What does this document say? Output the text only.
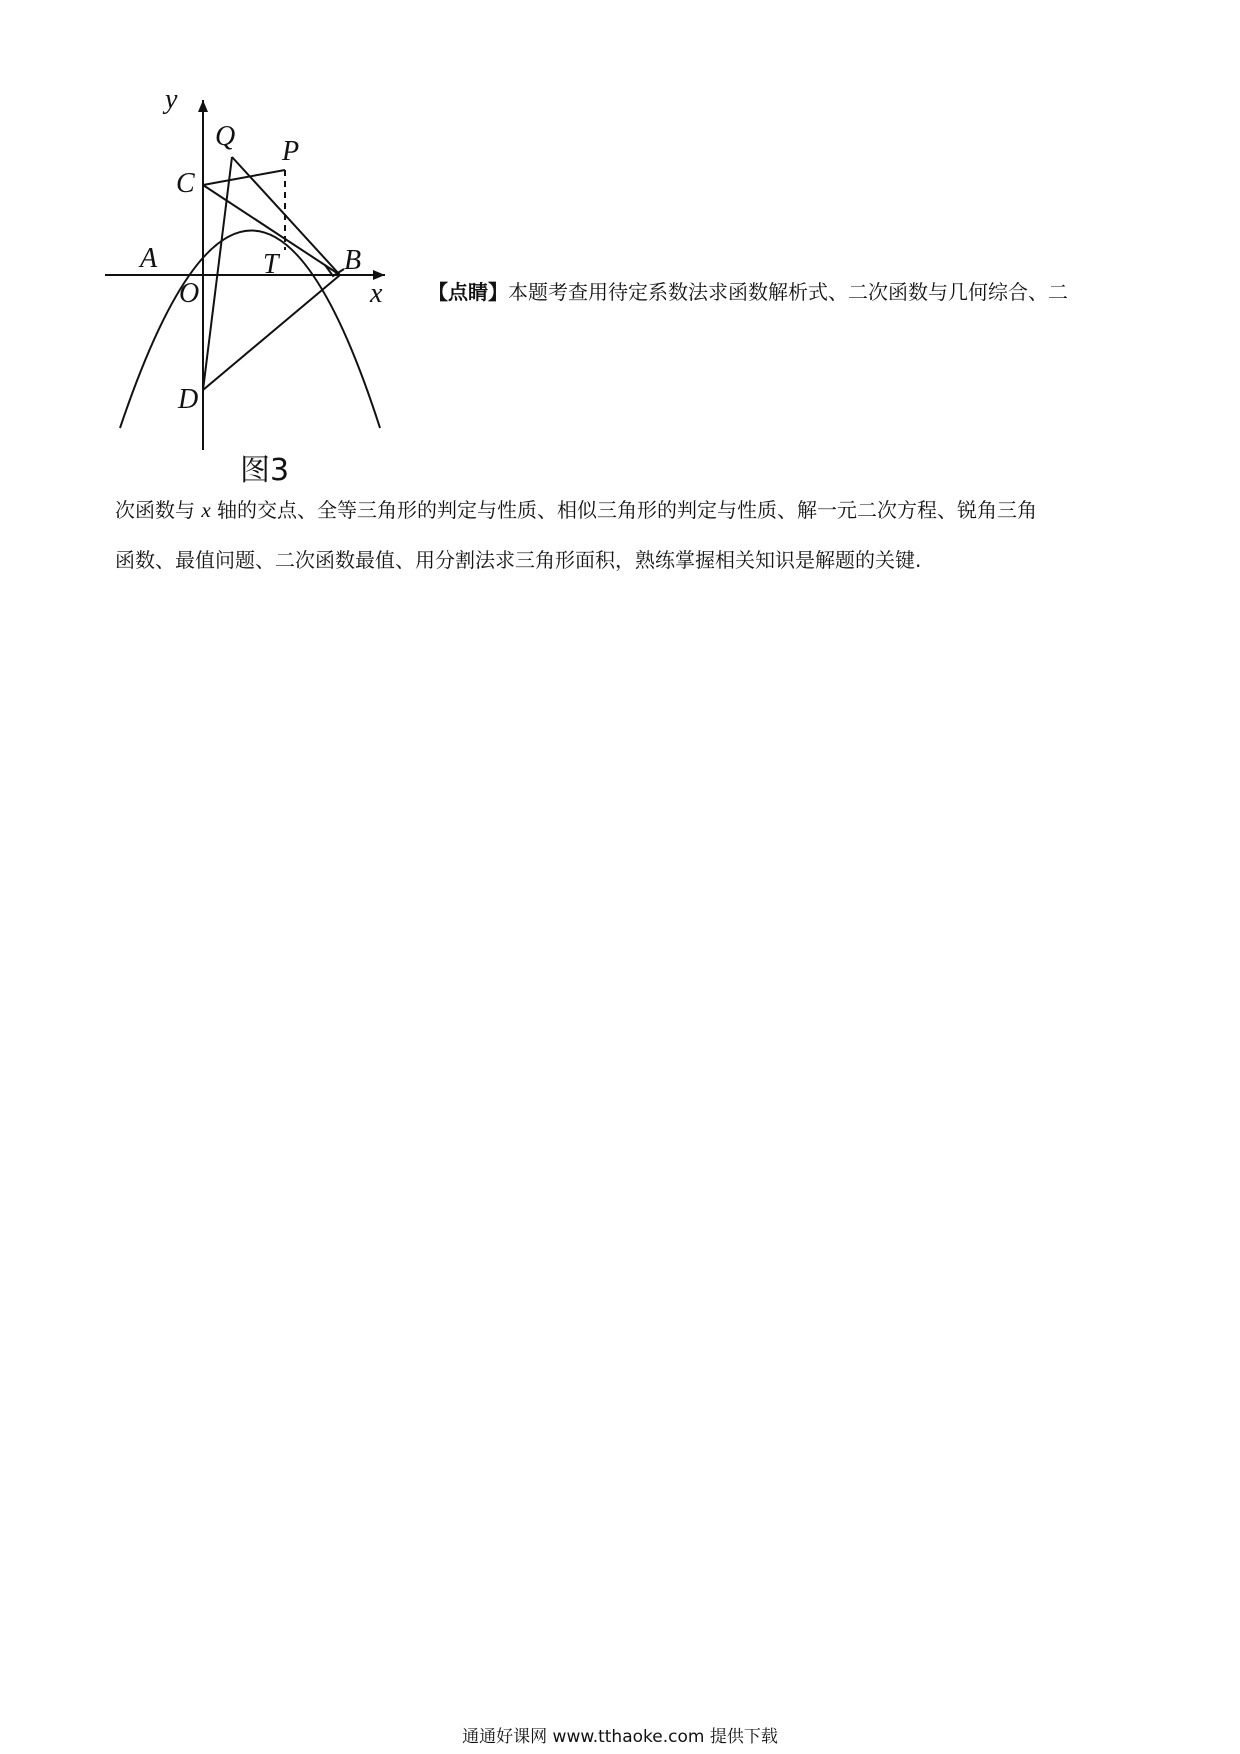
y
x
Q P
C
A	T B
O
D
图3
【点睛】本题考查用待定系数法求函数解析式、二次函数与几何综合、二
次函数与 x 轴的交点、全等三角形的判定与性质、相似三角形的判定与性质、解一元二次方程、锐角三角
函数、最值问题、二次函数最值、用分割法求三角形面积，熟练掌握相关知识是解题的关键.
通通好课网 www.tthaoke.com 提供下载
